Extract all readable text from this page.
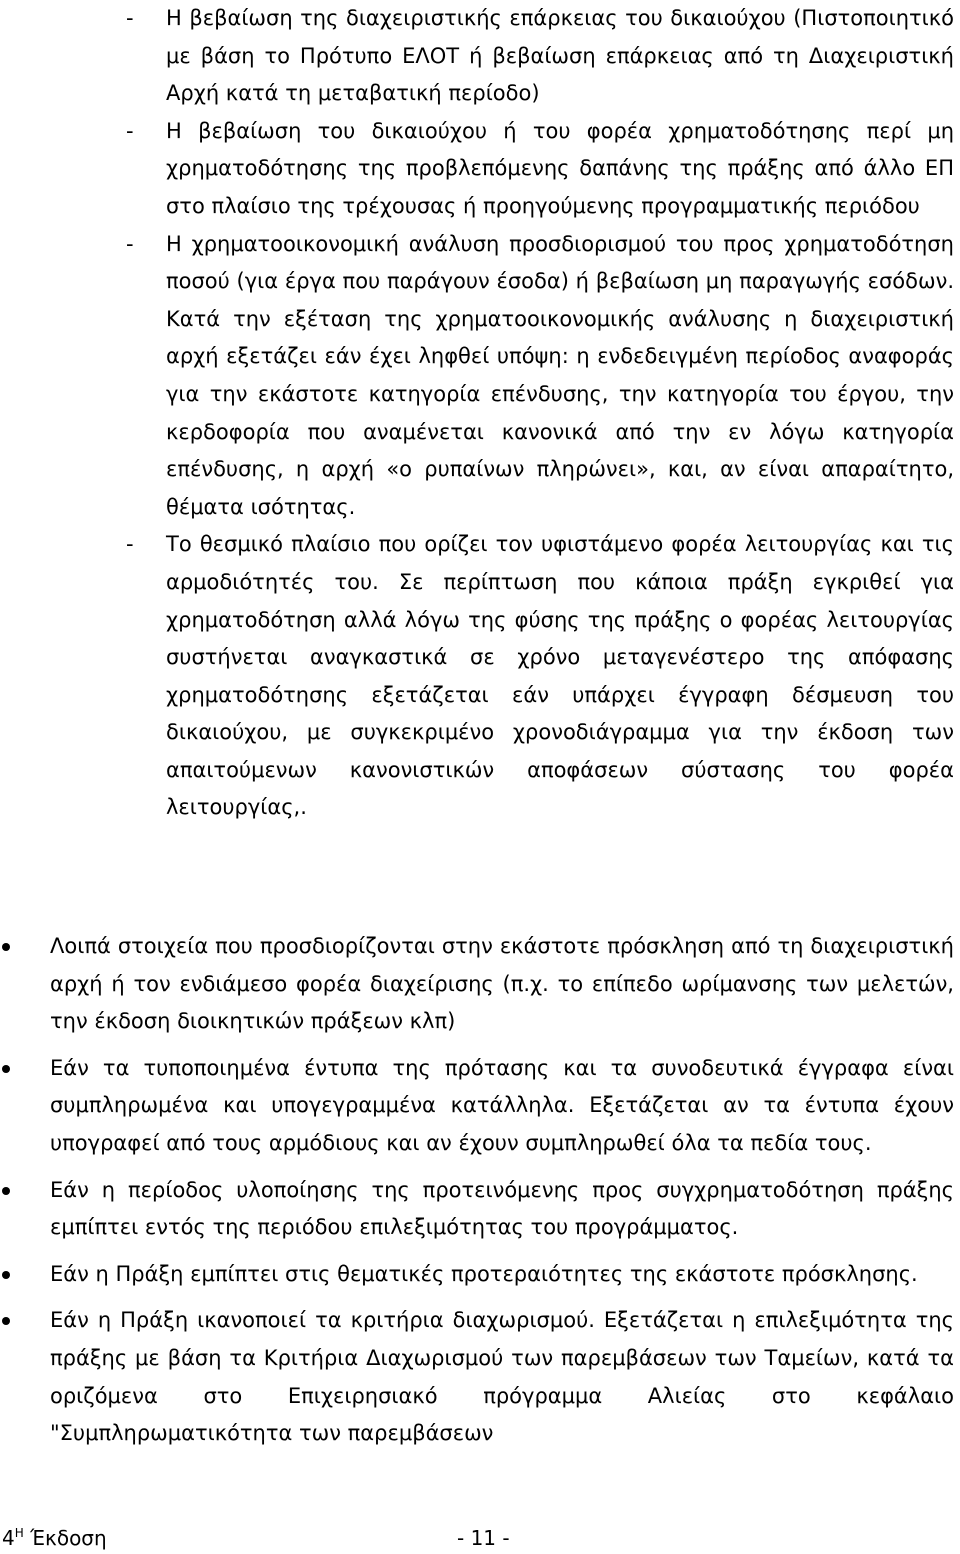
- Η βεβαίωση της διαχειριστικής επάρκειας του δικαιούχου (Πιστοποιητικό με βάση το Πρότυπο ΕΛΟΤ ή βεβαίωση επάρκειας από τη Διαχειριστική Αρχή κατά τη μεταβατική περίοδο)

- Η βεβαίωση του δικαιούχου ή του φορέα χρηματοδότησης περί μη χρηματοδότησης της προβλεπόμενης δαπάνης της πράξης από άλλο ΕΠ στο πλαίσιο της τρέχουσας ή προηγούμενης προγραμματικής περιόδου

- Η χρηματοοικονομική ανάλυση προσδιορισμού του προς χρηματοδότηση ποσού (για έργα που παράγουν έσοδα) ή βεβαίωση μη παραγωγής εσόδων. Κατά την εξέταση της χρηματοοικονομικής ανάλυσης η διαχειριστική αρχή εξετάζει εάν έχει ληφθεί υπόψη: η ενδεδειγμένη περίοδος αναφοράς για την εκάστοτε κατηγορία επένδυσης, την κατηγορία του έργου, την κερδοφορία που αναμένεται κανονικά από την εν λόγω κατηγορία επένδυσης, η αρχή «ο ρυπαίνων πληρώνει», και, αν είναι απαραίτητο, θέματα ισότητας.

- Το θεσμικό πλαίσιο που ορίζει τον υφιστάμενο φορέα λειτουργίας και τις αρμοδιότητές του. Σε περίπτωση που κάποια πράξη εγκριθεί για χρηματοδότηση αλλά λόγω της φύσης της πράξης ο φορέας λειτουργίας συστήνεται αναγκαστικά σε χρόνο μεταγενέστερο της απόφασης χρηματοδότησης εξετάζεται εάν υπάρχει έγγραφη δέσμευση του δικαιούχου, με συγκεκριμένο χρονοδιάγραμμα για την έκδοση των απαιτούμενων κανονιστικών αποφάσεων σύστασης του φορέα λειτουργίας,.

Λοιπά στοιχεία που προσδιορίζονται στην εκάστοτε πρόσκληση από τη διαχειριστική αρχή ή τον ενδιάμεσο φορέα διαχείρισης (π.χ. το επίπεδο ωρίμανσης των μελετών, την έκδοση διοικητικών πράξεων κλπ)

Εάν τα τυποποιημένα έντυπα της πρότασης και τα συνοδευτικά έγγραφα είναι συμπληρωμένα και υπογεγραμμένα κατάλληλα. Εξετάζεται αν τα έντυπα έχουν υπογραφεί από τους αρμόδιους και αν έχουν συμπληρωθεί όλα τα πεδία τους.

Εάν η περίοδος υλοποίησης της προτεινόμενης προς συγχρηματοδότηση πράξης εμπίπτει εντός της περιόδου επιλεξιμότητας του προγράμματος.

Εάν η Πράξη εμπίπτει στις θεματικές προτεραιότητες της εκάστοτε πρόσκλησης.

Εάν η Πράξη ικανοποιεί τα κριτήρια διαχωρισμού. Εξετάζεται η επιλεξιμότητα της πράξης με βάση τα Κριτήρια Διαχωρισμού των παρεμβάσεων των Ταμείων, κατά τα οριζόμενα στο Επιχειρησιακό πρόγραμμα Αλιείας στο κεφάλαιο "Συμπληρωματικότητα των παρεμβάσεων

$4^H$ Έκδοση	- 11 -
